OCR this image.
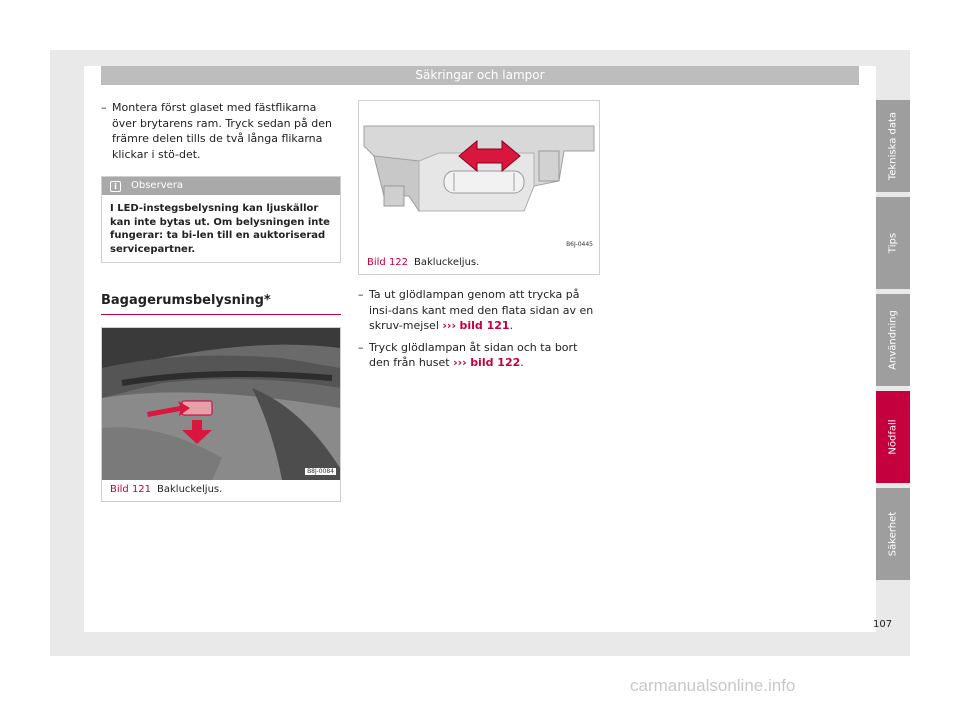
Säkringar och lampor
– Montera först glaset med fästflikarna över brytarens ram. Tryck sedan på den främre delen tills de två långa flikarna klickar i stö-det.
i Observera
I LED-instegsbelysning kan ljuskällor kan inte bytas ut. Om belysningen inte fungerar: ta bi-len till en auktoriserad servicepartner.
Bagagerumsbelysning*
B8J-0084
Bild 121 Bakluckeljus.
B6J-0445
Bild 122 Bakluckeljus.
– Ta ut glödlampan genom att trycka på insi-dans kant med den flata sidan av en skruv-mejsel ››› bild 121.
– Tryck glödlampan åt sidan och ta bort den från huset ››› bild 122.
Tekniska data
Tips
Användning
Nödfall
Säkerhet
107
carmanualsonline.info
